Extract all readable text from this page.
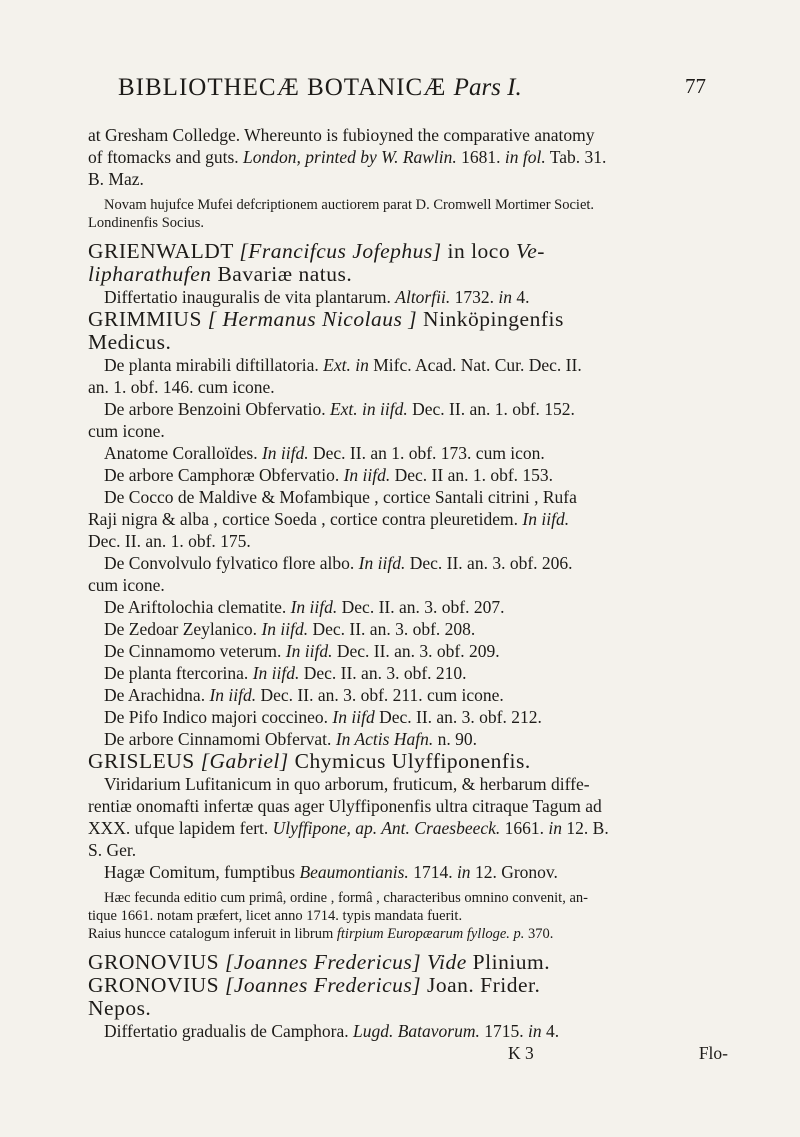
BIBLIOTHECÆ BOTANICÆ Pars I.	77

at Gresham Colledge. Whereunto is fubioyned the comparative anatomy
of ftomacks and guts. London, printed by W. Rawlin. 1681. in fol. Tab. 31.
B. Maz.

Novam hujufce Mufei defcriptionem auctiorem parat D. Cromwell Mortimer Societ.
Londinenfis Socius.

GRIENWALDT [Francifcus Jofephus] in loco Ve-
lipharathufen Bavariæ natus.

Differtatio inauguralis de vita plantarum. Altorfii. 1732. in 4.

GRIMMIUS [ Hermanus Nicolaus ] Ninköpingenfis
Medicus.

De planta mirabili diftillatoria. Ext. in Mifc. Acad. Nat. Cur. Dec. II.
an. 1. obf. 146. cum icone.

De arbore Benzoini Obfervatio. Ext. in iifd. Dec. II. an. 1. obf. 152.
cum icone.

Anatome Coralloïdes. In iifd. Dec. II. an 1. obf. 173. cum icon.

De arbore Camphoræ Obfervatio. In iifd. Dec. II an. 1. obf. 153.

De Cocco de Maldive & Mofambique , cortice Santali citrini , Rufa
Raji nigra & alba , cortice Soeda , cortice contra pleuretidem. In iifd.
Dec. II. an. 1. obf. 175.

De Convolvulo fylvatico flore albo. In iifd. Dec. II. an. 3. obf. 206.
cum icone.

De Ariftolochia clematite. In iifd. Dec. II. an. 3. obf. 207.

De Zedoar Zeylanico. In iifd. Dec. II. an. 3. obf. 208.

De Cinnamomo veterum. In iifd. Dec. II. an. 3. obf. 209.

De planta ftercorina. In iifd. Dec. II. an. 3. obf. 210.

De Arachidna. In iifd. Dec. II. an. 3. obf. 211. cum icone.

De Pifo Indico majori coccineo. In iifd Dec. II. an. 3. obf. 212.

De arbore Cinnamomi Obfervat. In Actis Hafn. n. 90.

GRISLEUS [Gabriel] Chymicus Ulyffiponenfis.

Viridarium Lufitanicum in quo arborum, fruticum, & herbarum diffe-
rentiæ onomafti infertæ quas ager Ulyffiponenfis ultra citraque Tagum ad
XXX. ufque lapidem fert. Ulyffipone, ap. Ant. Craesbeeck. 1661. in 12. B.
S. Ger.

Hagæ Comitum, fumptibus Beaumontianis. 1714. in 12. Gronov.

Hæc fecunda editio cum primâ, ordine , formâ , characteribus omnino convenit, an-
tique 1661. notam præfert, licet anno 1714. typis mandata fuerit.
Raius huncce catalogum inferuit in librum ftirpium Europæarum fylloge. p. 370.

GRONOVIUS [Joannes Fredericus] Vide Plinium.

GRONOVIUS [Joannes Fredericus] Joan. Frider.
Nepos.

Differtatio gradualis de Camphora. Lugd. Batavorum. 1715. in 4.

K 3	Flo-
